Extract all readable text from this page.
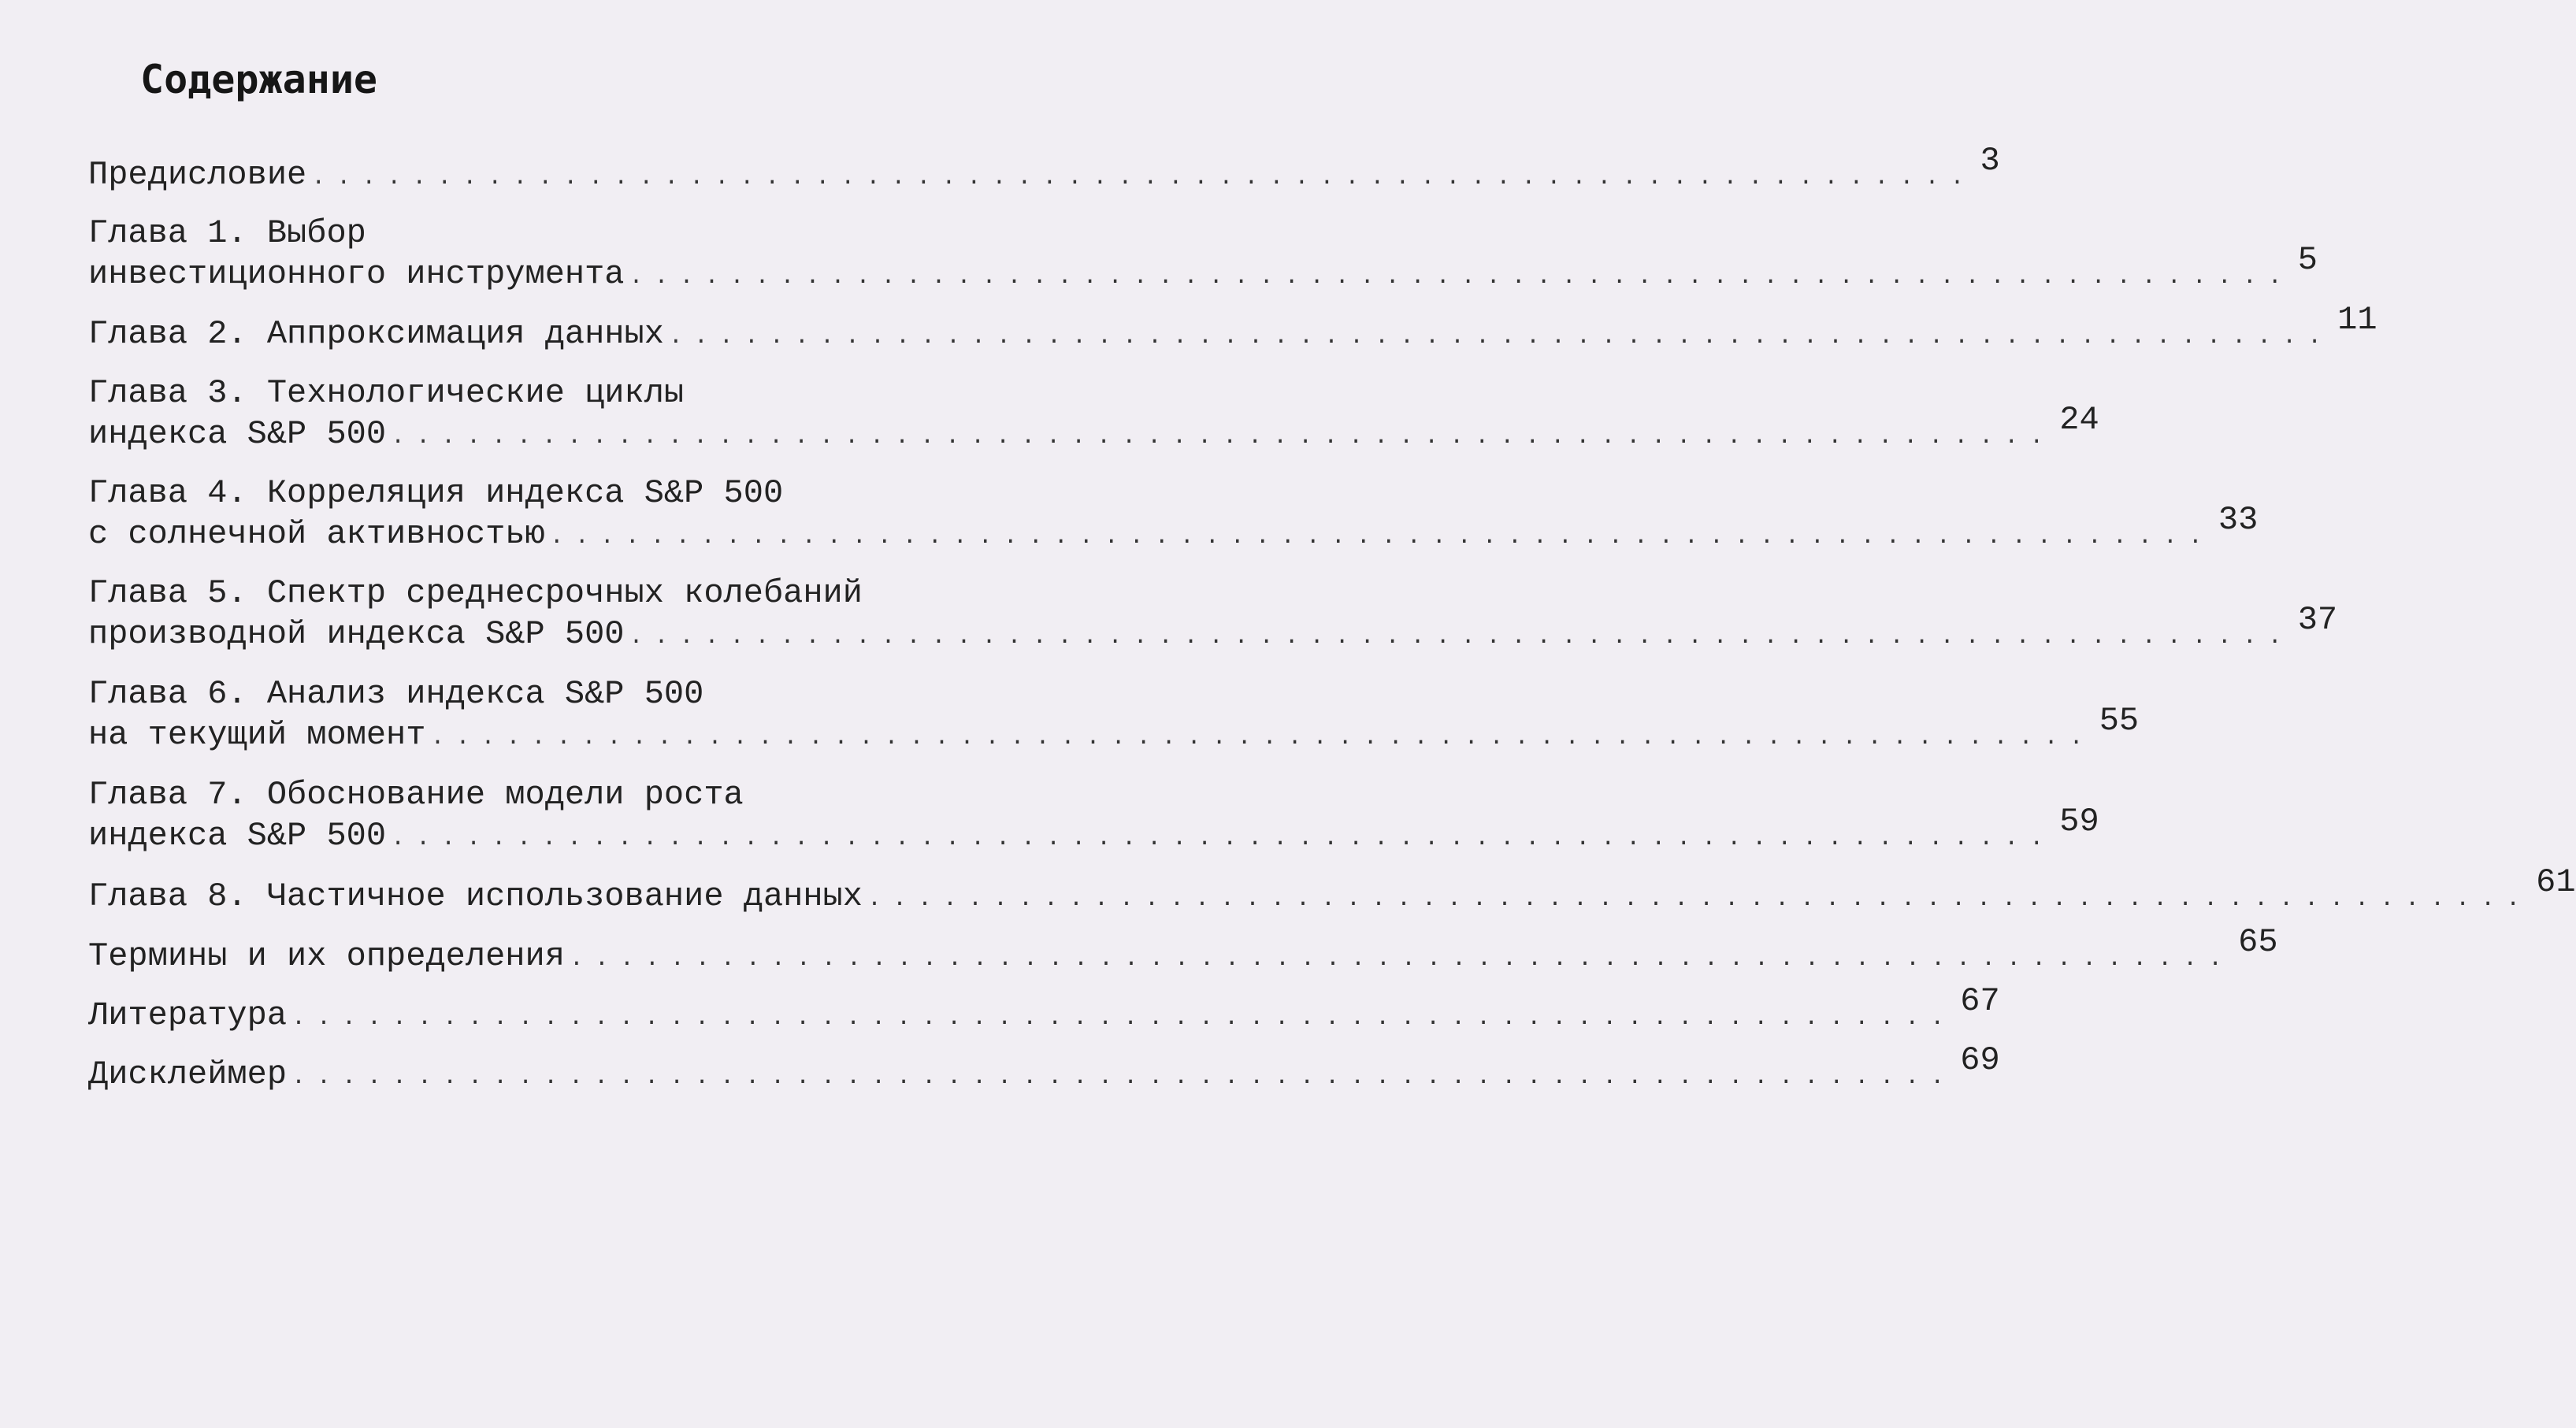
Содержание
Предисловие .................................................................. 3
Глава 1. Выбор
инвестиционного инструмента .................................................................. 5
Глава 2. Аппроксимация данных .................................................................. 11
Глава 3. Технологические циклы
индекса S&P 500 .................................................................. 24
Глава 4. Корреляция индекса S&P 500
с солнечной активностью .................................................................. 33
Глава 5. Спектр среднесрочных колебаний
производной индекса S&P 500 .................................................................. 37
Глава 6. Анализ индекса S&P 500
на текущий момент .................................................................. 55
Глава 7. Обоснование модели роста
индекса S&P 500 .................................................................. 59
Глава 8. Частичное использование данных .................................................................. 61
Термины и их определения .................................................................. 65
Литература .................................................................. 67
Дисклеймер .................................................................. 69
